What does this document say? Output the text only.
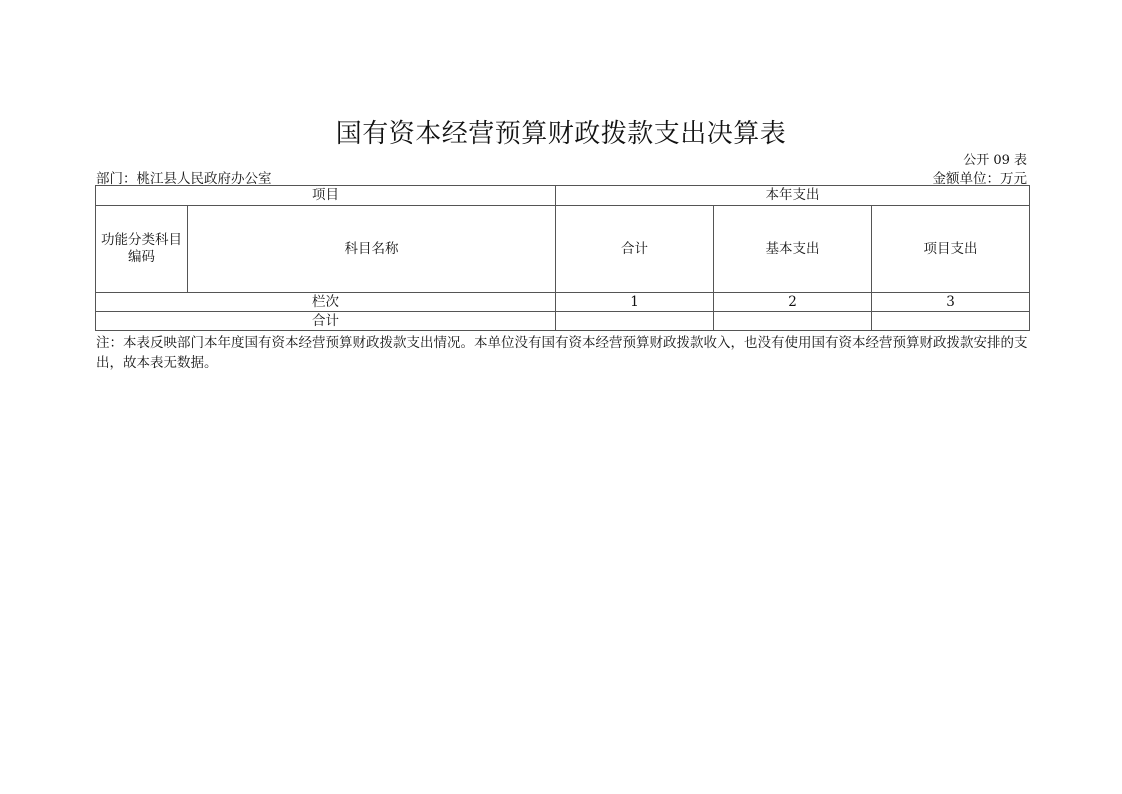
国有资本经营预算财政拨款支出决算表
公开 09 表
部门：桃江县人民政府办公室	金额单位：万元
项目		本年支出		
功能分类科目
编码	科目名称	合计	基本支出	项目支出
栏次		1	2	3
合计				
注：本表反映部门本年度国有资本经营预算财政拨款支出情况。本单位没有国有资本经营预算财政拨款收入，也没有使用国有资本经营预算财政拨款安排的支出，故本表无数据。
